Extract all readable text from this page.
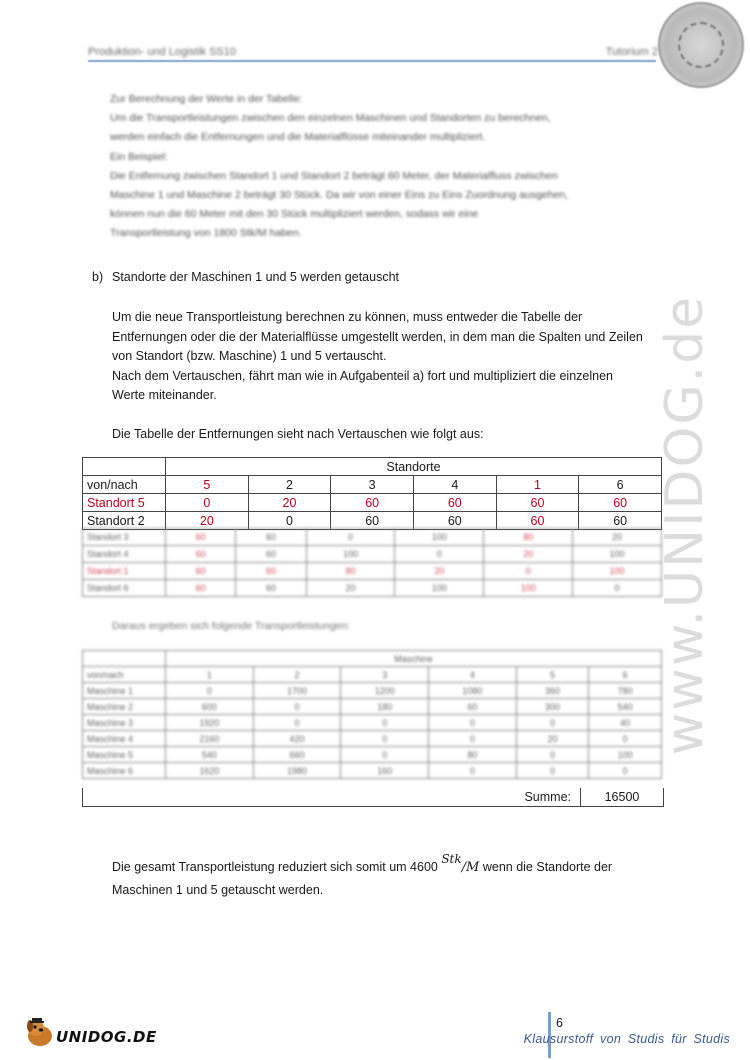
Produktion- und Logistik SS10	Tutorium 2
Zur Berechnung der Werte in der Tabelle:
Um die Transportleistungen zwischen den einzelnen Maschinen und Standorten zu berechnen,
werden einfach die Entfernungen und die Materialflüsse miteinander multipliziert.
Ein Beispiel:
Die Entfernung zwischen Standort 1 und Standort 2 beträgt 60 Meter, der Materialfluss zwischen
Maschine 1 und Maschine 2 beträgt 30 Stück. Da wir von einer Eins zu Eins Zuordnung ausgehen,
können nun die 60 Meter mit den 30 Stück multipliziert werden, sodass wir eine
Transportleistung von 1800 Stk/M haben.
b) Standorte der Maschinen 1 und 5 werden getauscht
Um die neue Transportleistung berechnen zu können, muss entweder die Tabelle der
Entfernungen oder die der Materialflüsse umgestellt werden, in dem man die Spalten und Zeilen
von Standort (bzw. Maschine) 1 und 5 vertauscht.
Nach dem Vertauschen, fährt man wie in Aufgabenteil a) fort und multipliziert die einzelnen
Werte miteinander.
Die Tabelle der Entfernungen sieht nach Vertauschen wie folgt aus:
	Standorte					
von/nach	5	2	3	4	1	6
Standort 5	0	20	60	60	60	60
Standort 2	20	0	60	60	60	60
Standort 3	60	60	0	100	80	20
Standort 4	60	60	100	0	20	100
Standort 1	60	60	80	20	0	100
Standort 6	60	60	20	100	100	0
Daraus ergeben sich folgende Transportleistungen:
	Maschine					
von/nach	1	2	3	4	5	6
Maschine 1	0	1700	1200	1080	360	780
Maschine 2	600	0	180	60	300	540
Maschine 3	1920	0	0	0	0	40
Maschine 4	2160	420	0	0	20	0
Maschine 5	540	660	0	80	0	100
Maschine 6	1620	1980	160	0	0	0
Summe:	16500
Die gesamt Transportleistung reduziert sich somit um 4600 $^{Stk}$/M wenn die Standorte der
Maschinen 1 und 5 getauscht werden.
www.UNIDOG.de
UNIDOG.DE
6
Klausurstoff von Studis für Studis
